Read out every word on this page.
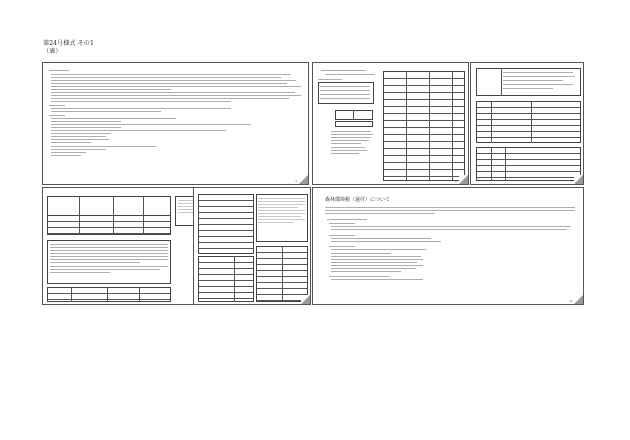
第24号様式 その1
（裏）
1	2	3
5
森林環境税（還付）について
6
